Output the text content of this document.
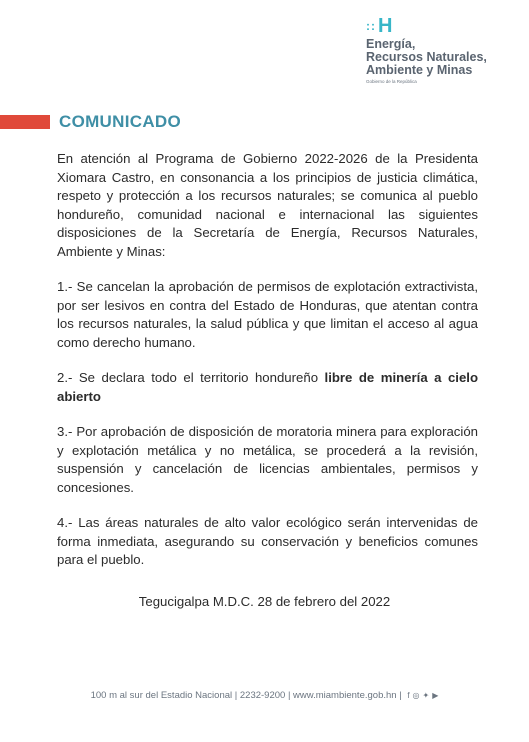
:: H
Energía,
Recursos Naturales,
Ambiente y Minas
Gobierno de la República
COMUNICADO

En atención al Programa de Gobierno 2022-2026 de la Presidenta Xiomara Castro, en consonancia a los principios de justicia climática, respeto y protección a los recursos naturales; se comunica al pueblo hondureño, comunidad nacional e internacional las siguientes disposiciones de la Secretaría de Energía, Recursos Naturales, Ambiente y Minas:

1.- Se cancelan la aprobación de permisos de explotación extractivista, por ser lesivos en contra del Estado de Honduras, que atentan contra los recursos naturales, la salud pública y que limitan el acceso al agua como derecho humano.

2.- Se declara todo el territorio hondureño libre de minería a cielo abierto

3.- Por aprobación de disposición de moratoria minera para exploración y explotación metálica y no metálica, se procederá a la revisión, suspensión y cancelación de licencias ambientales, permisos y concesiones.

4.- Las áreas naturales de alto valor ecológico serán intervenidas de forma inmediata, asegurando su conservación y beneficios comunes para el pueblo.

Tegucigalpa M.D.C. 28 de febrero del 2022
100 m al sur del Estadio Nacional | 2232-9200 | www.miambiente.gob.hn | f ◎ ✦ ▶
